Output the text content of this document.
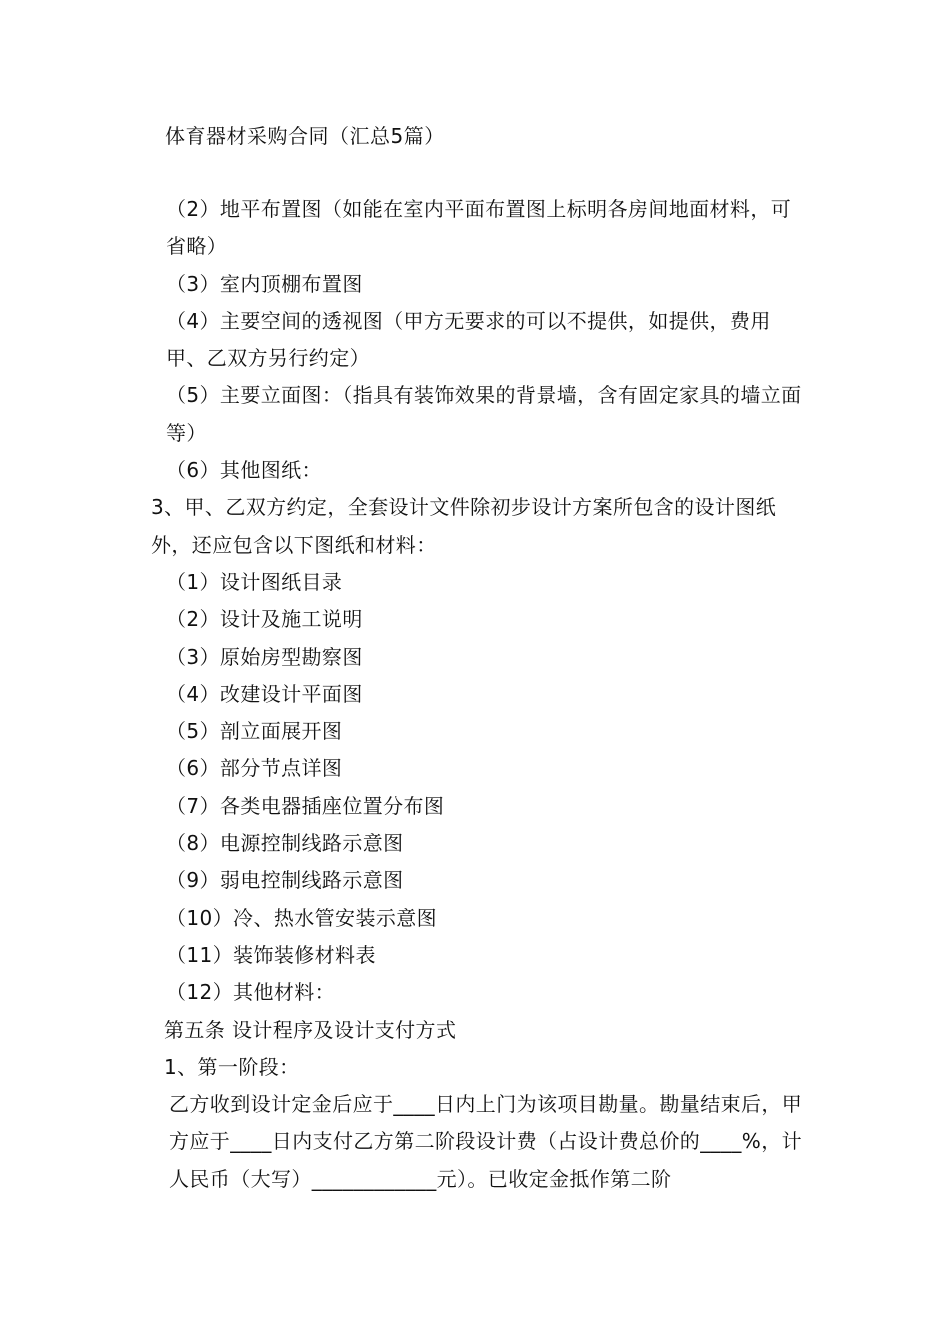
体育器材采购合同（汇总5篇）

（2）地平布置图（如能在室内平面布置图上标明各房间地面材料，可省略）

（3）室内顶棚布置图

（4）主要空间的透视图（甲方无要求的可以不提供，如提供，费用甲、乙双方另行约定）

（5）主要立面图：（指具有装饰效果的背景墙，含有固定家具的墙立面等）

（6）其他图纸：

3、甲、乙双方约定，全套设计文件除初步设计方案所包含的设计图纸外，还应包含以下图纸和材料：

（1）设计图纸目录

（2）设计及施工说明

（3）原始房型勘察图

（4）改建设计平面图

（5）剖立面展开图

（6）部分节点详图

（7）各类电器插座位置分布图

（8）电源控制线路示意图

（9）弱电控制线路示意图

（10）冷、热水管安装示意图

（11）装饰装修材料表

（12）其他材料：

第五条 设计程序及设计支付方式

1、第一阶段：

乙方收到设计定金后应于____日内上门为该项目勘量。勘量结束后，甲方应于____日内支付乙方第二阶段设计费（占设计费总价的____%，计人民币（大写）____________元）。已收定金抵作第二阶
